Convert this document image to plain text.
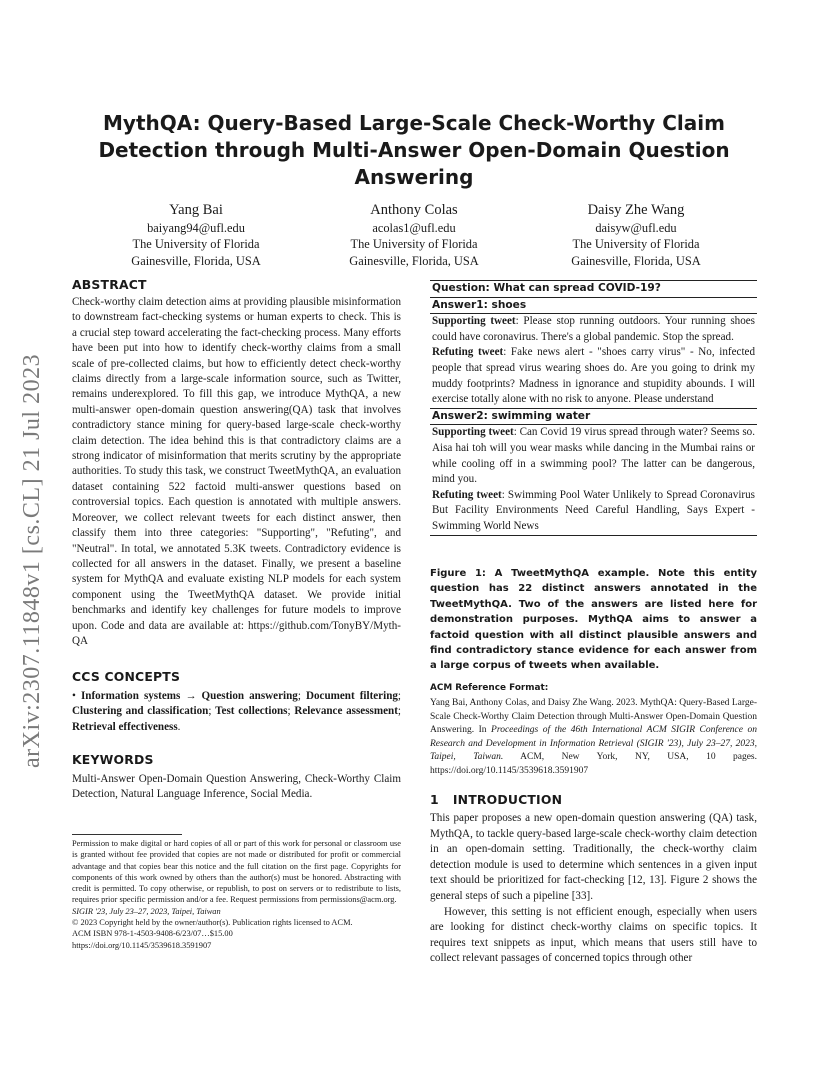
arXiv:2307.11848v1 [cs.CL] 21 Jul 2023
MythQA: Query-Based Large-Scale Check-Worthy Claim Detection through Multi-Answer Open-Domain Question Answering
Yang Bai
baiyang94@ufl.edu
The University of Florida
Gainesville, Florida, USA
Anthony Colas
acolas1@ufl.edu
The University of Florida
Gainesville, Florida, USA
Daisy Zhe Wang
daisyw@ufl.edu
The University of Florida
Gainesville, Florida, USA
ABSTRACT

Check-worthy claim detection aims at providing plausible misinformation to downstream fact-checking systems or human experts to check. This is a crucial step toward accelerating the fact-checking process. Many efforts have been put into how to identify check-worthy claims from a small scale of pre-collected claims, but how to efficiently detect check-worthy claims directly from a large-scale information source, such as Twitter, remains underexplored. To fill this gap, we introduce MythQA, a new multi-answer open-domain question answering(QA) task that involves contradictory stance mining for query-based large-scale check-worthy claim detection. The idea behind this is that contradictory claims are a strong indicator of misinformation that merits scrutiny by the appropriate authorities. To study this task, we construct TweetMythQA, an evaluation dataset containing 522 factoid multi-answer questions based on controversial topics. Each question is annotated with multiple answers. Moreover, we collect relevant tweets for each distinct answer, then classify them into three categories: "Supporting", "Refuting", and "Neutral". In total, we annotated 5.3K tweets. Contradictory evidence is collected for all answers in the dataset. Finally, we present a baseline system for MythQA and evaluate existing NLP models for each system component using the TweetMythQA dataset. We provide initial benchmarks and identify key challenges for future models to improve upon. Code and data are available at: https://github.com/TonyBY/Myth-QA

CCS CONCEPTS

• Information systems → Question answering; Document filtering; Clustering and classification; Test collections; Relevance assessment; Retrieval effectiveness.

KEYWORDS

Multi-Answer Open-Domain Question Answering, Check-Worthy Claim Detection, Natural Language Inference, Social Media.

Permission to make digital or hard copies of all or part of this work for personal or classroom use is granted without fee provided that copies are not made or distributed for profit or commercial advantage and that copies bear this notice and the full citation on the first page. Copyrights for components of this work owned by others than the author(s) must be honored. Abstracting with credit is permitted. To copy otherwise, or republish, to post on servers or to redistribute to lists, requires prior specific permission and/or a fee. Request permissions from permissions@acm.org.

SIGIR '23, July 23–27, 2023, Taipei, Taiwan
© 2023 Copyright held by the owner/author(s). Publication rights licensed to ACM.
ACM ISBN 978-1-4503-9408-6/23/07…$15.00
https://doi.org/10.1145/3539618.3591907
Question: What can spread COVID-19?
Answer1: shoes

Supporting tweet: Please stop running outdoors. Your running shoes could have coronavirus. There's a global pandemic. Stop the spread.

Refuting tweet: Fake news alert - "shoes carry virus" - No, infected people that spread virus wearing shoes do. Are you going to drink my muddy footprints? Madness in ignorance and stupidity abounds. I will exercise totally alone with no risk to anyone. Please understand

Answer2: swimming water

Supporting tweet: Can Covid 19 virus spread through water? Seems so. Aisa hai toh will you wear masks while dancing in the Mumbai rains or while cooling off in a swimming pool? The latter can be dangerous, mind you.

Refuting tweet: Swimming Pool Water Unlikely to Spread Coronavirus But Facility Environments Need Careful Handling, Says Expert - Swimming World News

Figure 1: A TweetMythQA example. Note this entity question has 22 distinct answers annotated in the TweetMythQA. Two of the answers are listed here for demonstration purposes. MythQA aims to answer a factoid question with all distinct plausible answers and find contradictory stance evidence for each answer from a large corpus of tweets when available.
ACM Reference Format:

Yang Bai, Anthony Colas, and Daisy Zhe Wang. 2023. MythQA: Query-Based Large-Scale Check-Worthy Claim Detection through Multi-Answer Open-Domain Question Answering. In Proceedings of the 46th International ACM SIGIR Conference on Research and Development in Information Retrieval (SIGIR '23), July 23–27, 2023, Taipei, Taiwan. ACM, New York, NY, USA, 10 pages. https://doi.org/10.1145/3539618.3591907

1 INTRODUCTION

This paper proposes a new open-domain question answering (QA) task, MythQA, to tackle query-based large-scale check-worthy claim detection in an open-domain setting. Traditionally, the check-worthy claim detection module is used to determine which sentences in a given input text should be prioritized for fact-checking [12, 13]. Figure 2 shows the general steps of such a pipeline [33].

However, this setting is not efficient enough, especially when users are looking for distinct check-worthy claims on specific topics. It requires text snippets as input, which means that users still have to collect relevant passages of concerned topics through other
